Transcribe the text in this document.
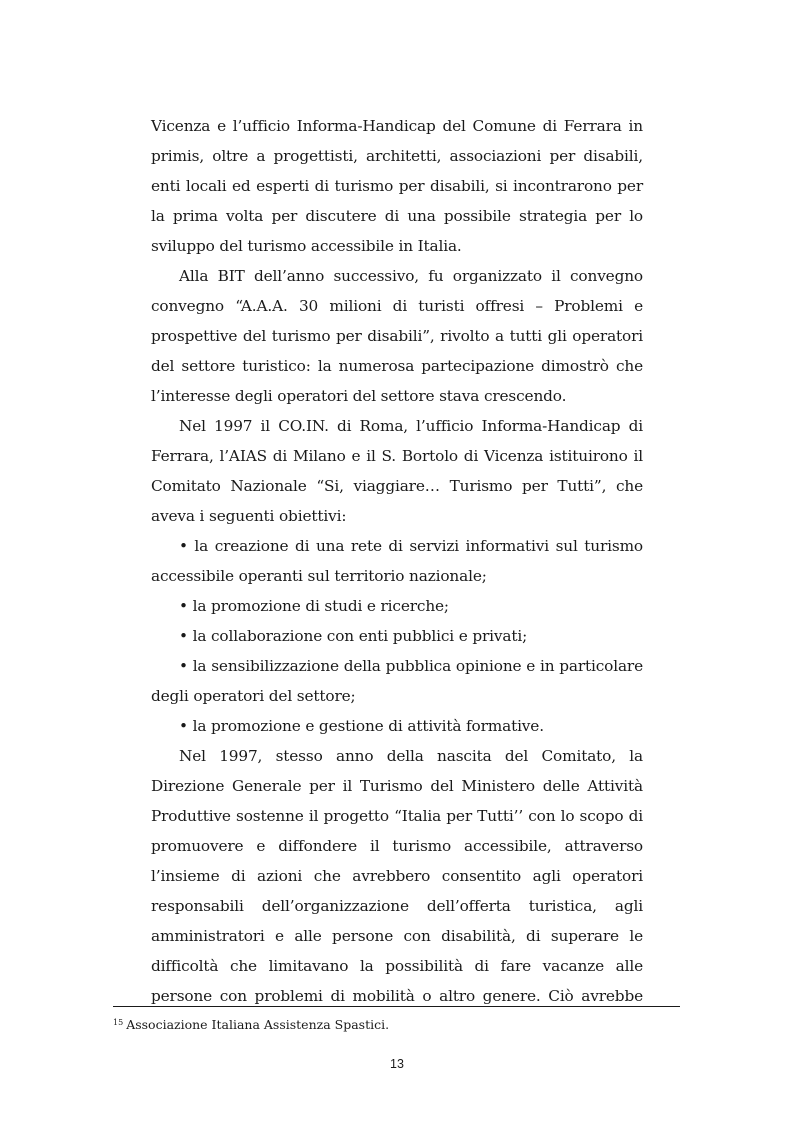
Vicenza e l’ufficio Informa-Handicap del Comune di Ferrara in primis, oltre a progettisti, architetti, associazioni per disabili, enti locali ed esperti di turismo per disabili, si incontrarono per la prima volta per discutere di una possibile strategia per lo sviluppo del turismo accessibile in Italia.

Alla BIT dell’anno successivo, fu organizzato il convegno convegno “A.A.A. 30 milioni di turisti offresi – Problemi e prospettive del turismo per disabili”, rivolto a tutti gli operatori del settore turistico: la numerosa partecipazione dimostrò che l’interesse degli operatori del settore stava crescendo.

Nel 1997 il CO.IN. di Roma, l’ufficio Informa-Handicap di Ferrara, l’AIAS di Milano e il S. Bortolo di Vicenza istituirono il Comitato Nazionale “Si, viaggiare… Turismo per Tutti”, che aveva i seguenti obiettivi:

• la creazione di una rete di servizi informativi sul turismo accessibile operanti sul territorio nazionale;

• la promozione di studi e ricerche;

• la collaborazione con enti pubblici e privati;

• la sensibilizzazione della pubblica opinione e in particolare degli operatori del settore;

• la promozione e gestione di attività formative.

Nel 1997, stesso anno della nascita del Comitato, la Direzione Generale per il Turismo del Ministero delle Attività Produttive sostenne il progetto “Italia per Tutti’’ con lo scopo di promuovere e diffondere il turismo accessibile, attraverso l’insieme di azioni che avrebbero consentito agli operatori responsabili dell’organizzazione dell’offerta turistica, agli amministratori e alle persone con disabilità, di superare le difficoltà che limitavano la possibilità di fare vacanze alle persone con problemi di mobilità o altro genere. Ciò avrebbe

$^{15}$ Associazione Italiana Assistenza Spastici.
13
